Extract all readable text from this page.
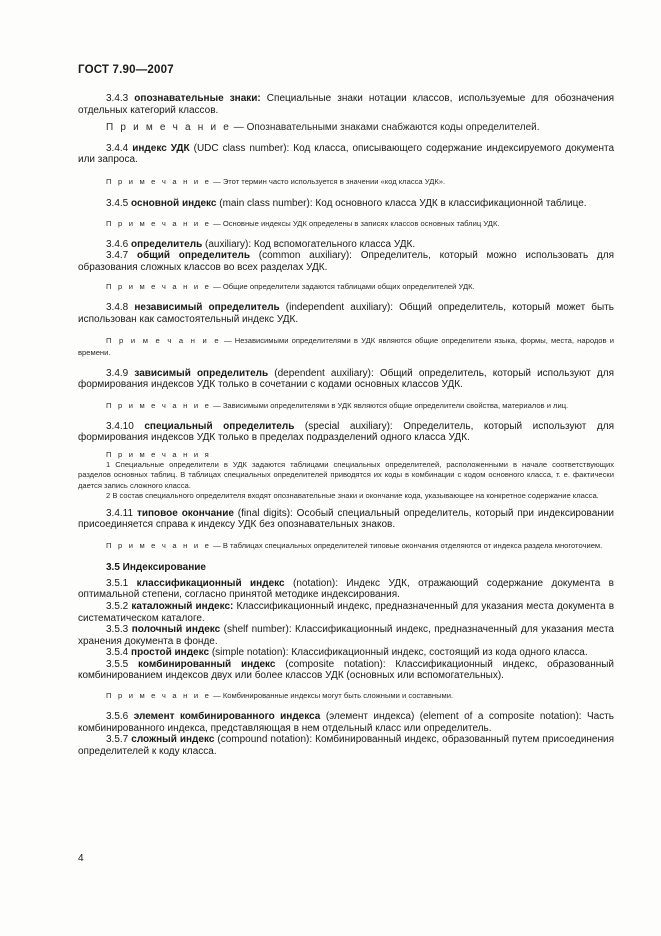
ГОСТ 7.90—2007

3.4.3 опознавательные знаки: Специальные знаки нотации классов, используемые для обозначения отдельных категорий классов.

П р и м е ч а н и е — Опознавательными знаками снабжаются коды определителей.

3.4.4 индекс УДК (UDC class number): Код класса, описывающего содержание индексируемого документа или запроса.

П р и м е ч а н и е — Этот термин часто используется в значении «код класса УДК».

3.4.5 основной индекс (main class number): Код основного класса УДК в классификационной таблице.

П р и м е ч а н и е — Основные индексы УДК определены в записях классов основных таблиц УДК.

3.4.6 определитель (auxiliary): Код вспомогательного класса УДК.

3.4.7 общий определитель (common auxiliary): Определитель, который можно использовать для образования сложных классов во всех разделах УДК.

П р и м е ч а н и е — Общие определители задаются таблицами общих определителей УДК.

3.4.8 независимый определитель (independent auxiliary): Общий определитель, который может быть использован как самостоятельный индекс УДК.

П р и м е ч а н и е — Независимыми определителями в УДК являются общие определители языка, формы, места, народов и времени.

3.4.9 зависимый определитель (dependent auxiliary): Общий определитель, который используют для формирования индексов УДК только в сочетании с кодами основных классов УДК.

П р и м е ч а н и е — Зависимыми определителями в УДК являются общие определители свойства, материалов и лиц.

3.4.10 специальный определитель (special auxiliary): Определитель, который используют для формирования индексов УДК только в пределах подразделений одного класса УДК.

П р и м е ч а н и я

1 Специальные определители в УДК задаются таблицами специальных определителей, расположенными в начале соответствующих разделов основных таблиц. В таблицах специальных определителей приводятся их коды в комбинации с кодом основного класса, т. е. фактически дается запись сложного класса.

2 В состав специального определителя входят опознавательные знаки и окончание кода, указывающее на конкретное содержание класса.

3.4.11 типовое окончание (final digits): Особый специальный определитель, который при индексировании присоединяется справа к индексу УДК без опознавательных знаков.

П р и м е ч а н и е — В таблицах специальных определителей типовые окончания отделяются от индекса раздела многоточием.

3.5 Индексирование

3.5.1 классификационный индекс (notation): Индекс УДК, отражающий содержание документа в оптимальной степени, согласно принятой методике индексирования.

3.5.2 каталожный индекс: Классификационный индекс, предназначенный для указания места документа в систематическом каталоге.

3.5.3 полочный индекс (shelf number): Классификационный индекс, предназначенный для указания места хранения документа в фонде.

3.5.4 простой индекс (simple notation): Классификационный индекс, состоящий из кода одного класса.

3.5.5 комбинированный индекс (composite notation): Классификационный индекс, образованный комбинированием индексов двух или более классов УДК (основных или вспомогательных).

П р и м е ч а н и е — Комбинированные индексы могут быть сложными и составными.

3.5.6 элемент комбинированного индекса (элемент индекса) (element of a composite notation): Часть комбинированного индекса, представляющая в нем отдельный класс или определитель.

3.5.7 сложный индекс (compound notation): Комбинированный индекс, образованный путем присоединения определителей к коду класса.

4
